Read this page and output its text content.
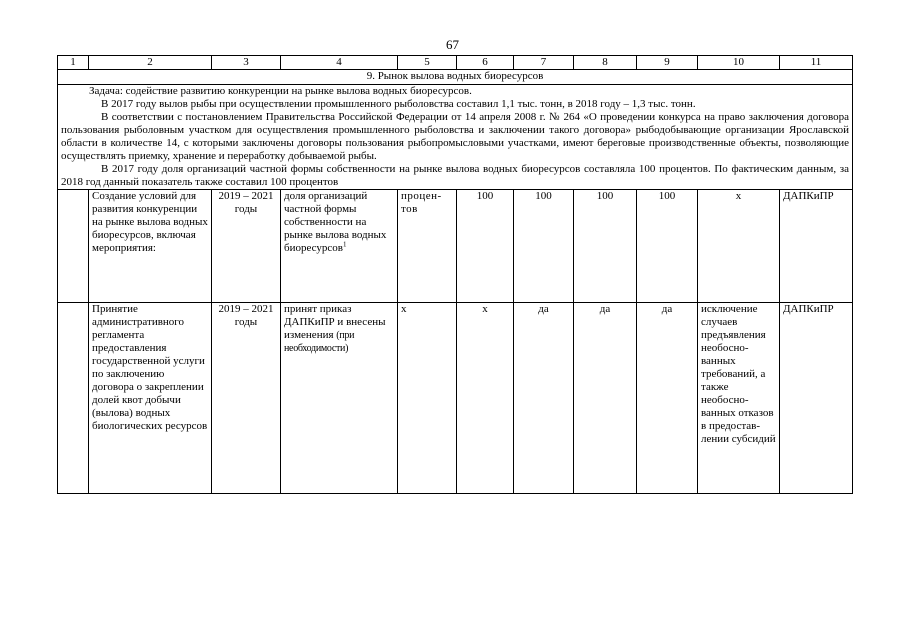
67
1	2	3	4	5	6	7	8	9	10	11
9. Рынок вылова водных биоресурсов										

Задача: содействие развитию конкуренции на рынке вылова водных биоресурсов.

В 2017 году вылов рыбы при осуществлении промышленного рыболовства составил 1,1 тыс. тонн, в 2018 году – 1,3 тыс. тонн.

В соответствии с постановлением Правительства Российской Федерации от 14 апреля 2008 г. № 264 «О проведении конкурса на право заключения договора пользования рыболовным участком для осуществления промышленного рыболовства и заключении такого договора» рыбодобывающие организации Ярославской области в количестве 14, с которыми заключены договоры пользования рыбопромысловыми участками, имеют береговые производственные объекты, позволяющие осуществлять приемку, хранение и переработку добываемой рыбы.

В 2017 году доля организаций частной формы собственности на рынке вылова водных биоресурсов составляла 100 процентов. По фактическим данным, за 2018 год данный показатель также составил 100 процентов										

	Создание условий для развития конкуренции на рынке вылова водных биоресурсов, включая мероприятия:	2019 – 2021 годы	доля организаций частной формы собственности на рынке вылова водных биоресурсов$^1$	процен-тов	100	100	100	100	х	ДАПКиПР
	Принятие административного регламента предоставления государственной услуги по заключению договора о закреплении долей квот добычи (вылова) водных биологических ресурсов	2019 – 2021 годы	принят приказ ДАПКиПР и внесены изменения (при необходимости)	х	х	да	да	да	исключение случаев предъявления необосно-ванных требований, а также необосно-ванных отказов в предостав-лении субсидий	ДАПКиПР
